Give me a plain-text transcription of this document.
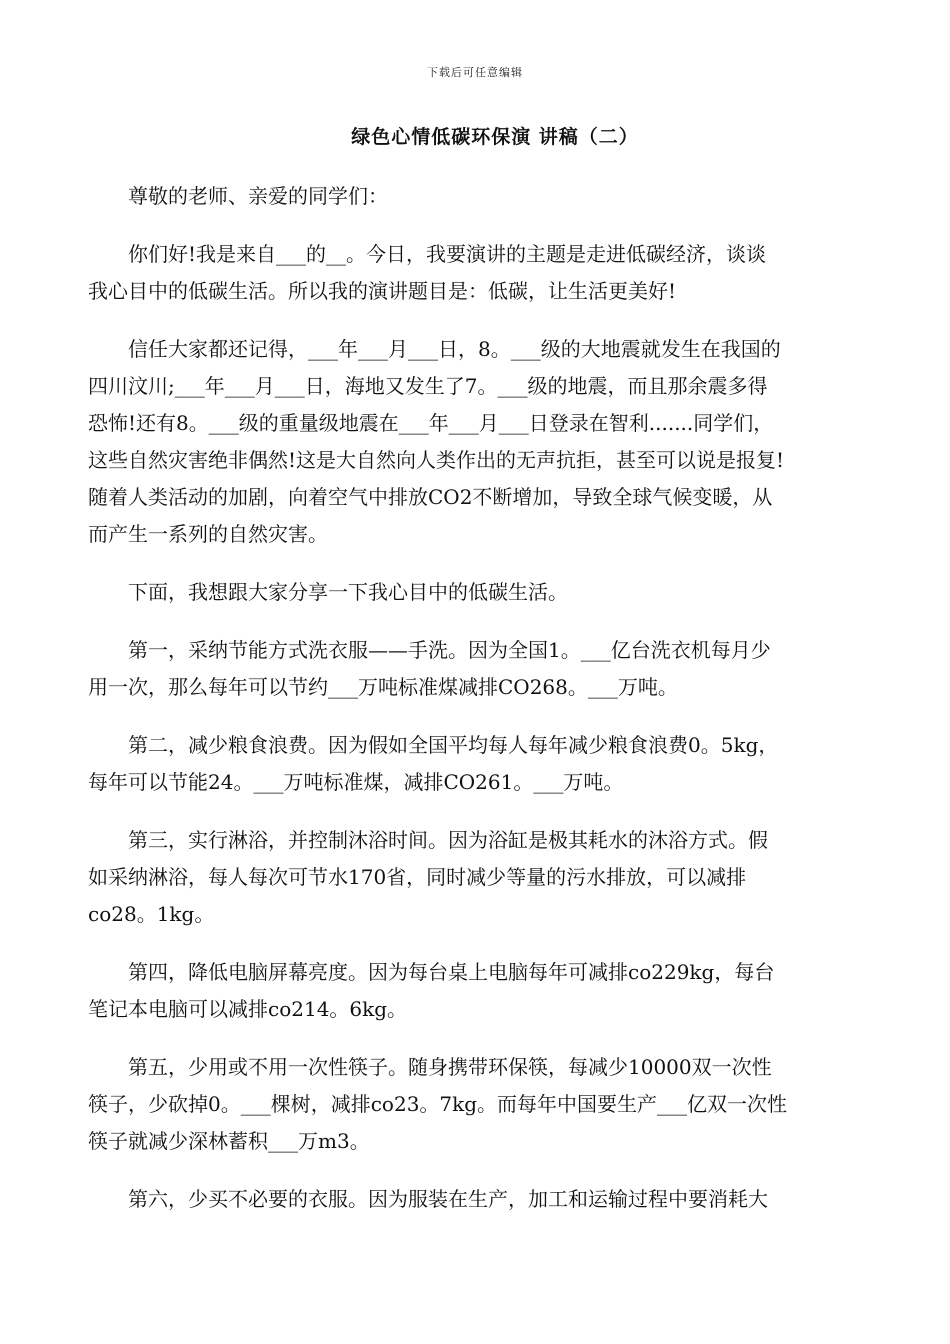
下载后可任意编辑
绿色心情低碳环保演 讲稿（二）

尊敬的老师、亲爱的同学们：

你们好!我是来自___的__。今日，我要演讲的主题是走进低碳经济，谈谈
我心目中的低碳生活。所以我的演讲题目是：低碳，让生活更美好!

信任大家都还记得，___年___月___日，8。___级的大地震就发生在我国的
四川汶川;___年___月___日，海地又发生了7。___级的地震，而且那余震多得
恐怖!还有8。___级的重量级地震在___年___月___日登录在智利.......同学们，
这些自然灾害绝非偶然!这是大自然向人类作出的无声抗拒，甚至可以说是报复!
随着人类活动的加剧，向着空气中排放CO2不断增加，导致全球气候变暖，从
而产生一系列的自然灾害。

下面，我想跟大家分享一下我心目中的低碳生活。

第一，采纳节能方式洗衣服——手洗。因为全国1。___亿台洗衣机每月少
用一次，那么每年可以节约___万吨标准煤减排CO268。___万吨。

第二，减少粮食浪费。因为假如全国平均每人每年减少粮食浪费0。5kg，
每年可以节能24。___万吨标准煤，减排CO261。___万吨。

第三，实行淋浴，并控制沐浴时间。因为浴缸是极其耗水的沐浴方式。假
如采纳淋浴，每人每次可节水170省，同时减少等量的污水排放，可以减排
co28。1kg。

第四，降低电脑屏幕亮度。因为每台桌上电脑每年可减排co229kg，每台
笔记本电脑可以减排co214。6kg。

第五，少用或不用一次性筷子。随身携带环保筷，每减少10000双一次性
筷子，少砍掉0。___棵树，减排co23。7kg。而每年中国要生产___亿双一次性
筷子就减少深林蓄积___万m3。

第六，少买不必要的衣服。因为服装在生产，加工和运输过程中要消耗大
